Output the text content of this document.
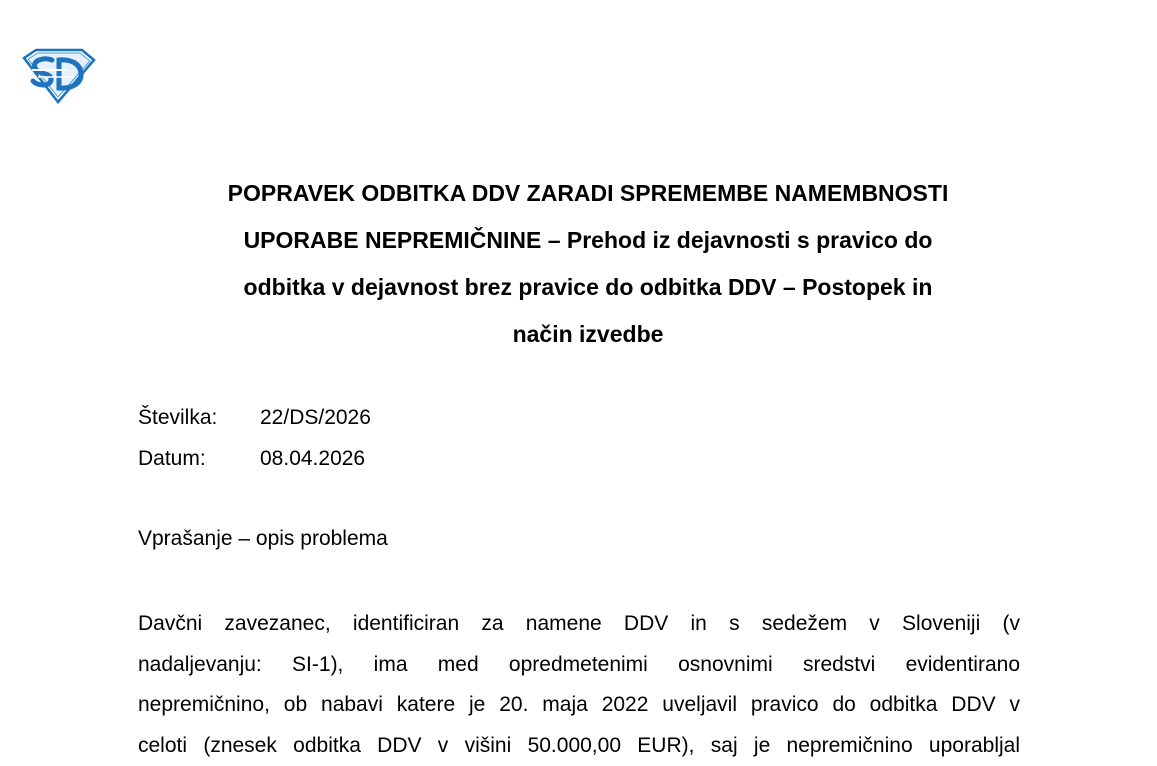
POPRAVEK ODBITKA DDV ZARADI SPREMEMBE NAMEMBNOSTI
UPORABE NEPREMIČNINE – Prehod iz dejavnosti s pravico do
odbitka v dejavnost brez pravice do odbitka DDV – Postopek in
način izvedbe
Številka: 22/DS/2026
Datum:	08.04.2026
Vprašanje – opis problema
Davčni zavezanec, identificiran za namene DDV in s sedežem v Sloveniji (v
nadaljevanju: SI-1), ima med opredmetenimi osnovnimi sredstvi evidentirano
nepremičnino, ob nabavi katere je 20. maja 2022 uveljavil pravico do odbitka DDV v
celoti (znesek odbitka DDV v višini 50.000,00 EUR), saj je nepremičnino uporabljal
